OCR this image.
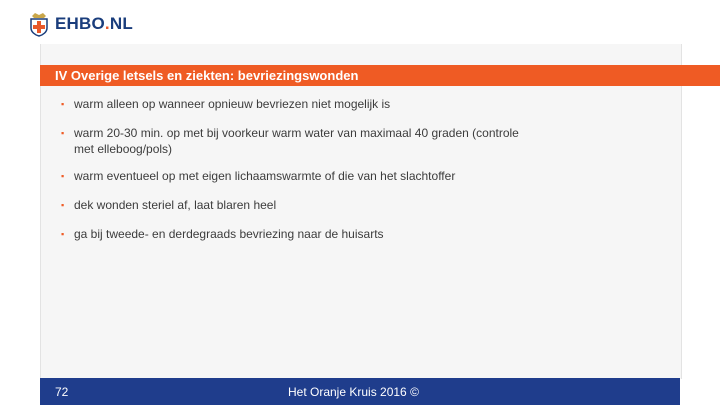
EHBO.NL
IV Overige letsels en ziekten: bevriezingswonden
▪ warm alleen op wanneer opnieuw bevriezen niet mogelijk is
▪ warm 20-30 min. op met bij voorkeur warm water van maximaal 40 graden (controle met elleboog/pols)
▪ warm eventueel op met eigen lichaamswarmte of die van het slachtoffer
▪ dek wonden steriel af, laat blaren heel
▪ ga bij tweede- en derdegraads bevriezing naar de huisarts
72	Het Oranje Kruis 2016 ©
